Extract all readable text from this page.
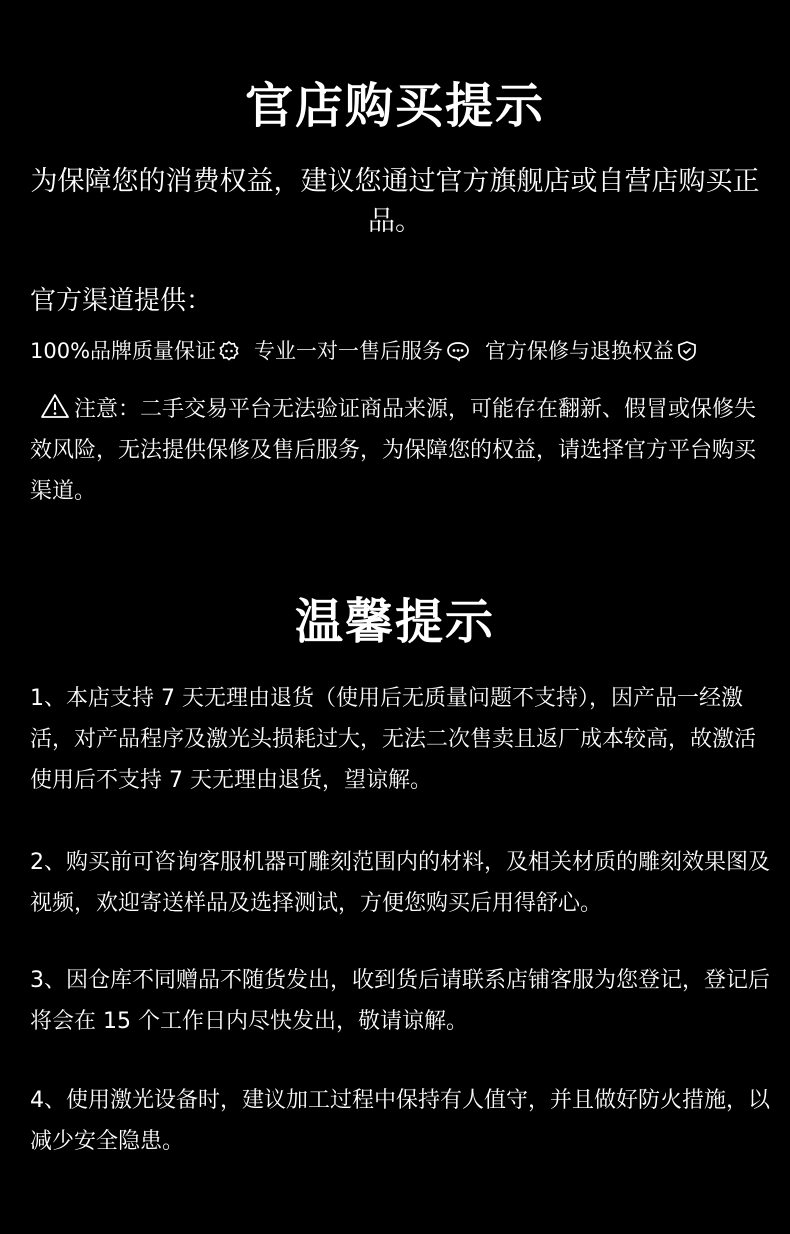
官店购买提示
为保障您的消费权益，建议您通过官方旗舰店或自营店购买正品。
官方渠道提供：
100%品牌质量保证 专业一对一售后服务 官方保修与退换权益
注意：二手交易平台无法验证商品来源，可能存在翻新、假冒或保修失效风险，无法提供保修及售后服务，为保障您的权益，请选择官方平台购买渠道。
温馨提示
1、本店支持 7 天无理由退货（使用后无质量问题不支持），因产品一经激活，对产品程序及激光头损耗过大，无法二次售卖且返厂成本较高，故激活使用后不支持 7 天无理由退货，望谅解。
2、购买前可咨询客服机器可雕刻范围内的材料，及相关材质的雕刻效果图及视频，欢迎寄送样品及选择测试，方便您购买后用得舒心。
3、因仓库不同赠品不随货发出，收到货后请联系店铺客服为您登记，登记后将会在 15 个工作日内尽快发出，敬请谅解。
4、使用激光设备时，建议加工过程中保持有人值守，并且做好防火措施，以减少安全隐患。
